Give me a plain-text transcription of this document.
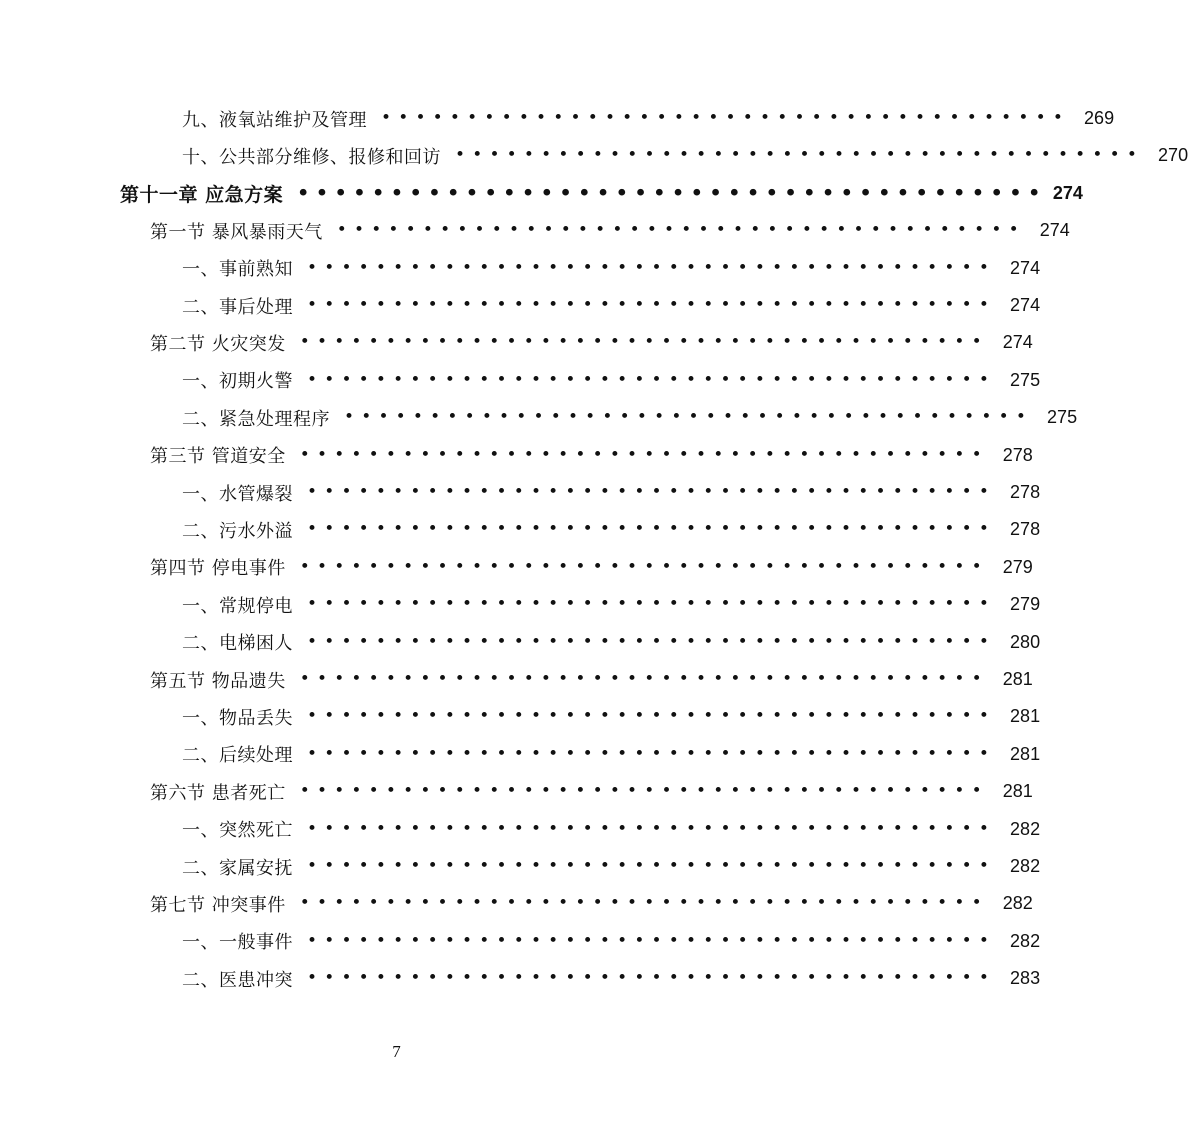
九、液氧站维护及管理 •••••••••••••••••••••••••••••••••••••••• 269
十、公共部分维修、报修和回访 •••••••••••••••••••••••••••••••••••••••• 270
第十一章 应急方案 •••••••••••••••••••••••••••••••••••••••• 274
第一节 暴风暴雨天气 •••••••••••••••••••••••••••••••••••••••• 274
一、事前熟知 •••••••••••••••••••••••••••••••••••••••• 274
二、事后处理 •••••••••••••••••••••••••••••••••••••••• 274
第二节 火灾突发 •••••••••••••••••••••••••••••••••••••••• 274
一、初期火警 •••••••••••••••••••••••••••••••••••••••• 275
二、紧急处理程序 •••••••••••••••••••••••••••••••••••••••• 275
第三节 管道安全 •••••••••••••••••••••••••••••••••••••••• 278
一、水管爆裂 •••••••••••••••••••••••••••••••••••••••• 278
二、污水外溢 •••••••••••••••••••••••••••••••••••••••• 278
第四节 停电事件 •••••••••••••••••••••••••••••••••••••••• 279
一、常规停电 •••••••••••••••••••••••••••••••••••••••• 279
二、电梯困人 •••••••••••••••••••••••••••••••••••••••• 280
第五节 物品遗失 •••••••••••••••••••••••••••••••••••••••• 281
一、物品丢失 •••••••••••••••••••••••••••••••••••••••• 281
二、后续处理 •••••••••••••••••••••••••••••••••••••••• 281
第六节 患者死亡 •••••••••••••••••••••••••••••••••••••••• 281
一、突然死亡 •••••••••••••••••••••••••••••••••••••••• 282
二、家属安抚 •••••••••••••••••••••••••••••••••••••••• 282
第七节 冲突事件 •••••••••••••••••••••••••••••••••••••••• 282
一、一般事件 •••••••••••••••••••••••••••••••••••••••• 282
二、医患冲突 •••••••••••••••••••••••••••••••••••••••• 283
7
